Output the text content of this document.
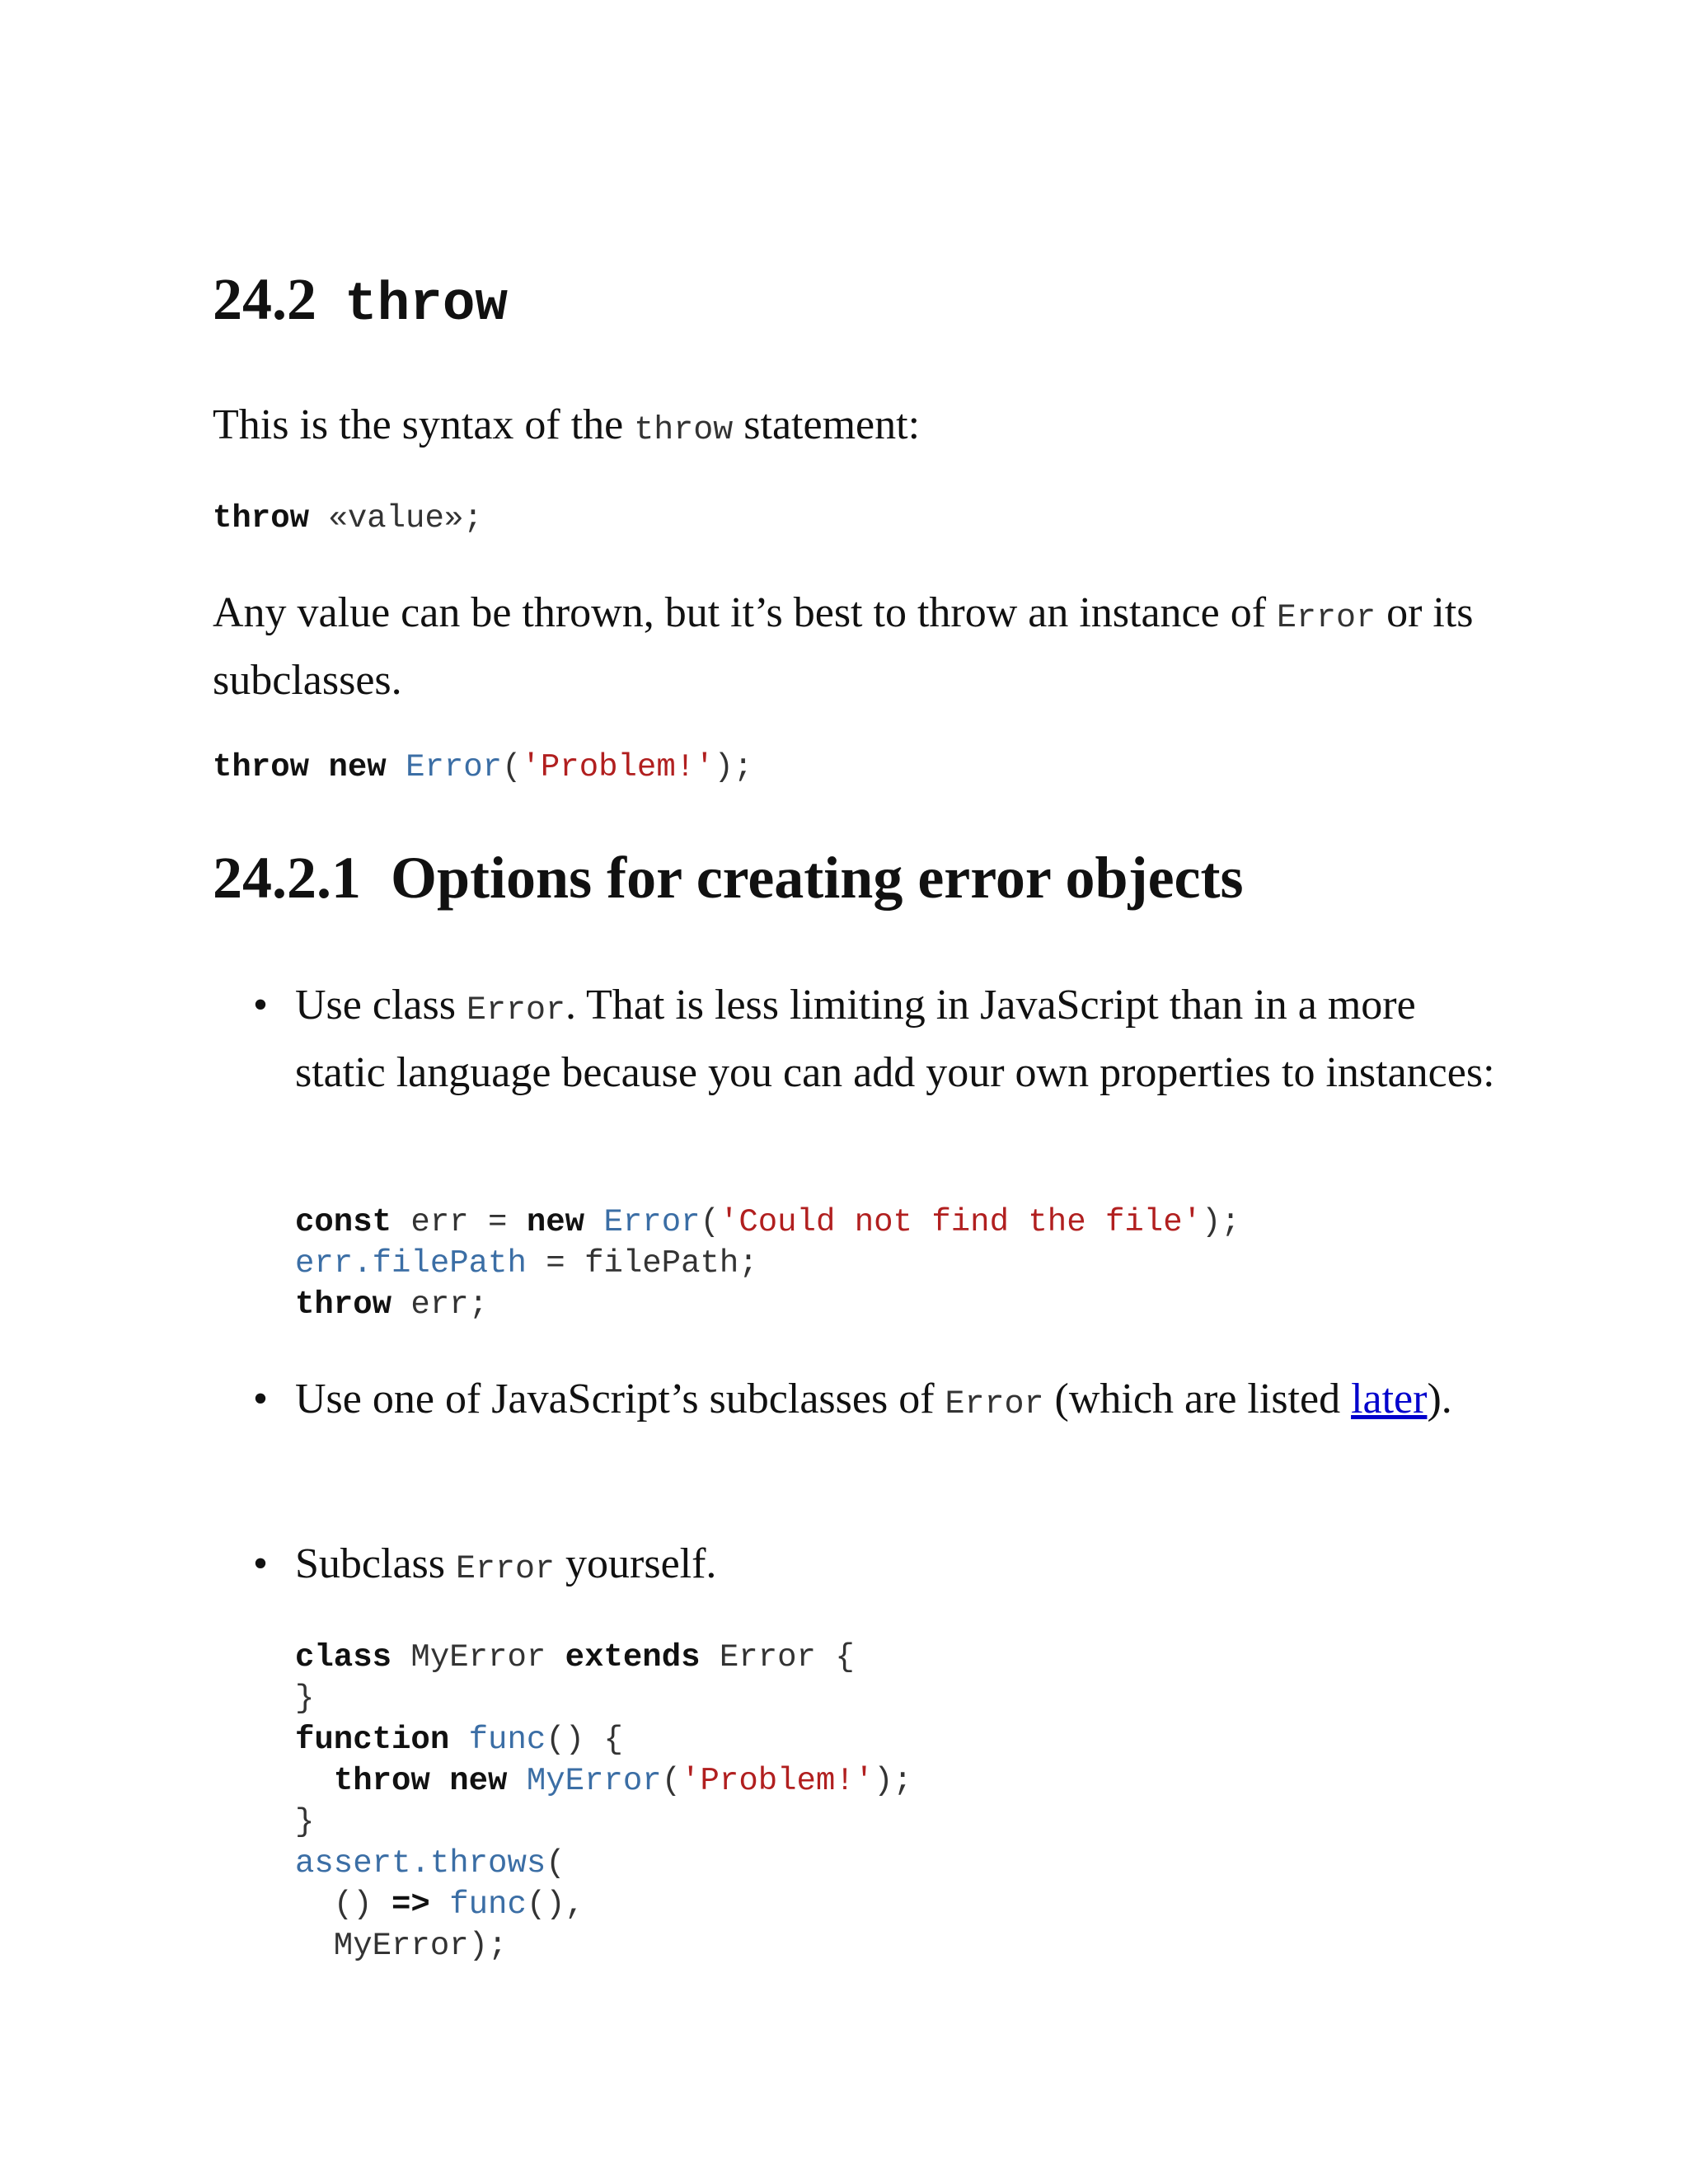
24.2 throw

This is the syntax of the throw statement:

throw «value»;

Any value can be thrown, but it’s best to throw an instance of Error or its subclasses.

throw new Error('Problem!');
24.2.1 Options for creating error objects
• Use class Error. That is less limiting in JavaScript than in a more static language because you can add your own properties to instances:
• Use one of JavaScript’s subclasses of Error (which are listed later).
• Subclass Error yourself.
const err = new Error('Could not find the file');
err.filePath = filePath;
throw err;
class MyError extends Error {
}
function func() {
throw new MyError('Problem!');
}
assert.throws(
() => func(),
MyError);
